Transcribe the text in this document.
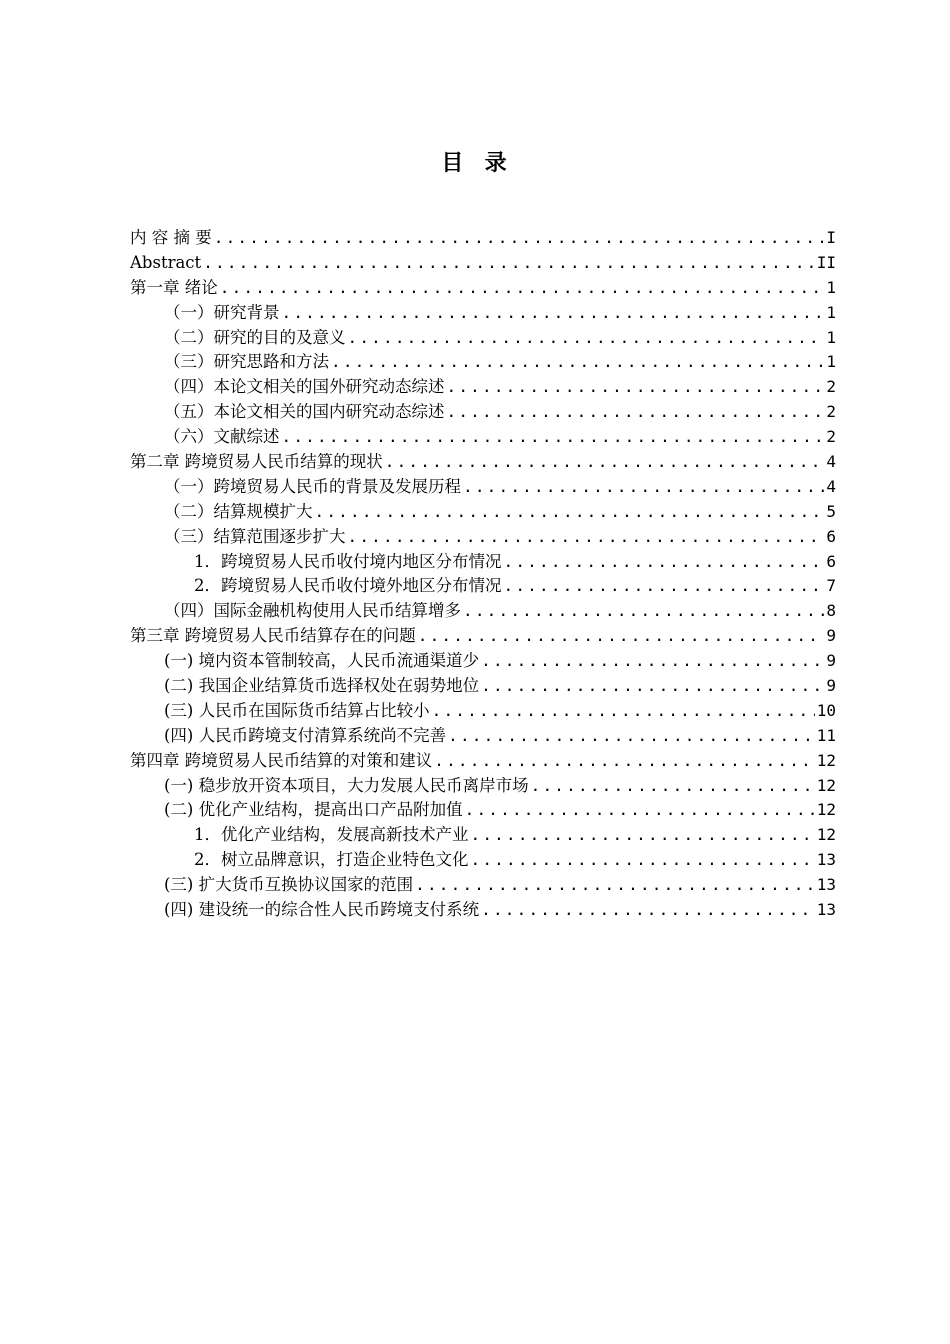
目  录
内 容 摘 要 .....	I
Abstract .....	II
第一章 绪论 .....	1
（一）研究背景 .....	1
（二）研究的目的及意义 .....	1
（三）研究思路和方法 .....	1
（四）本论文相关的国外研究动态综述 .....	2
（五）本论文相关的国内研究动态综述 .....	2
（六）文献综述 .....	2
第二章 跨境贸易人民币结算的现状 .....	4
（一）跨境贸易人民币的背景及发展历程 .....	4
（二）结算规模扩大 .....	5
（三）结算范围逐步扩大 .....	6
1．跨境贸易人民币收付境内地区分布情况 .....	6
2．跨境贸易人民币收付境外地区分布情况 .....	7
（四）国际金融机构使用人民币结算增多 .....	8
第三章 跨境贸易人民币结算存在的问题 .....	9
(一) 境内资本管制较高，人民币流通渠道少 .....	9
(二) 我国企业结算货币选择权处在弱势地位 .....	9
(三) 人民币在国际货币结算占比较小 .....	10
(四) 人民币跨境支付清算系统尚不完善 .....	11
第四章 跨境贸易人民币结算的对策和建议 .....	12
(一) 稳步放开资本项目，大力发展人民币离岸市场 .....	12
(二) 优化产业结构，提高出口产品附加值 .....	12
1．优化产业结构，发展高新技术产业 .....	12
2．树立品牌意识，打造企业特色文化 .....	13
(三) 扩大货币互换协议国家的范围 .....	13
(四) 建设统一的综合性人民币跨境支付系统 .....	13
